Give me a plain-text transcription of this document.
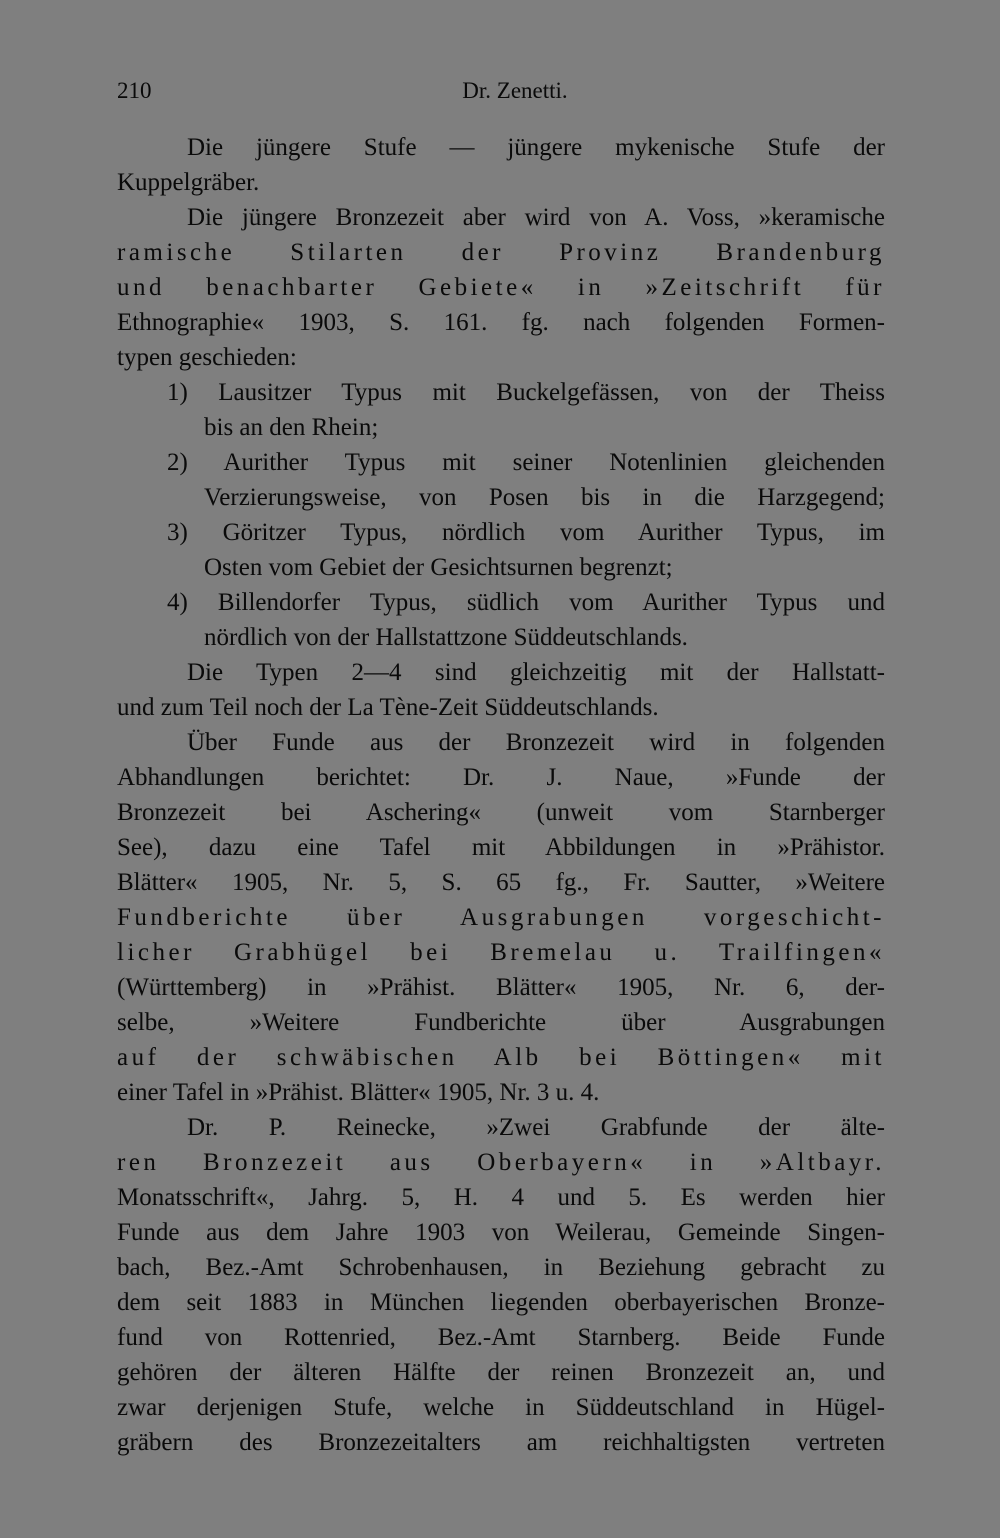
210	Dr. Zenetti.
Die jüngere Stufe — jüngere mykenische Stufe der
Kuppelgräber.
Die jüngere Bronzezeit aber wird von A. Voss, »keramische
ramische Stilarten der Provinz Brandenburg
und benachbarter Gebiete« in »Zeitschrift für
Ethnographie« 1903, S. 161. fg. nach folgenden Formen-
typen geschieden:
1) Lausitzer Typus mit Buckelgefässen, von der Theiss
bis an den Rhein;
2) Aurither Typus mit seiner Notenlinien gleichenden
Verzierungsweise, von Posen bis in die Harzgegend;
3) Göritzer Typus, nördlich vom Aurither Typus, im
Osten vom Gebiet der Gesichtsurnen begrenzt;
4) Billendorfer Typus, südlich vom Aurither Typus und
nördlich von der Hallstattzone Süddeutschlands.
Die Typen 2—4 sind gleichzeitig mit der Hallstatt-
und zum Teil noch der La Tène-Zeit Süddeutschlands.
Über Funde aus der Bronzezeit wird in folgenden
Abhandlungen berichtet: Dr. J. Naue, »Funde der
Bronzezeit bei Aschering« (unweit vom Starnberger
See), dazu eine Tafel mit Abbildungen in »Prähistor.
Blätter« 1905, Nr. 5, S. 65 fg., Fr. Sautter, »Weitere
Fundberichte über Ausgrabungen vorgeschicht-
licher Grabhügel bei Bremelau u. Trailfingen«
(Württemberg) in »Prähist. Blätter« 1905, Nr. 6, der-
selbe, »Weitere Fundberichte über Ausgrabungen
auf der schwäbischen Alb bei Böttingen« mit
einer Tafel in »Prähist. Blätter« 1905, Nr. 3 u. 4.
Dr. P. Reinecke, »Zwei Grabfunde der älte-
ren Bronzezeit aus Oberbayern« in »Altbayr.
Monatsschrift«, Jahrg. 5, H. 4 und 5. Es werden hier
Funde aus dem Jahre 1903 von Weilerau, Gemeinde Singen-
bach, Bez.-Amt Schrobenhausen, in Beziehung gebracht zu
dem seit 1883 in München liegenden oberbayerischen Bronze-
fund von Rottenried, Bez.-Amt Starnberg. Beide Funde
gehören der älteren Hälfte der reinen Bronzezeit an, und
zwar derjenigen Stufe, welche in Süddeutschland in Hügel-
gräbern des Bronzezeitalters am reichhaltigsten vertreten
